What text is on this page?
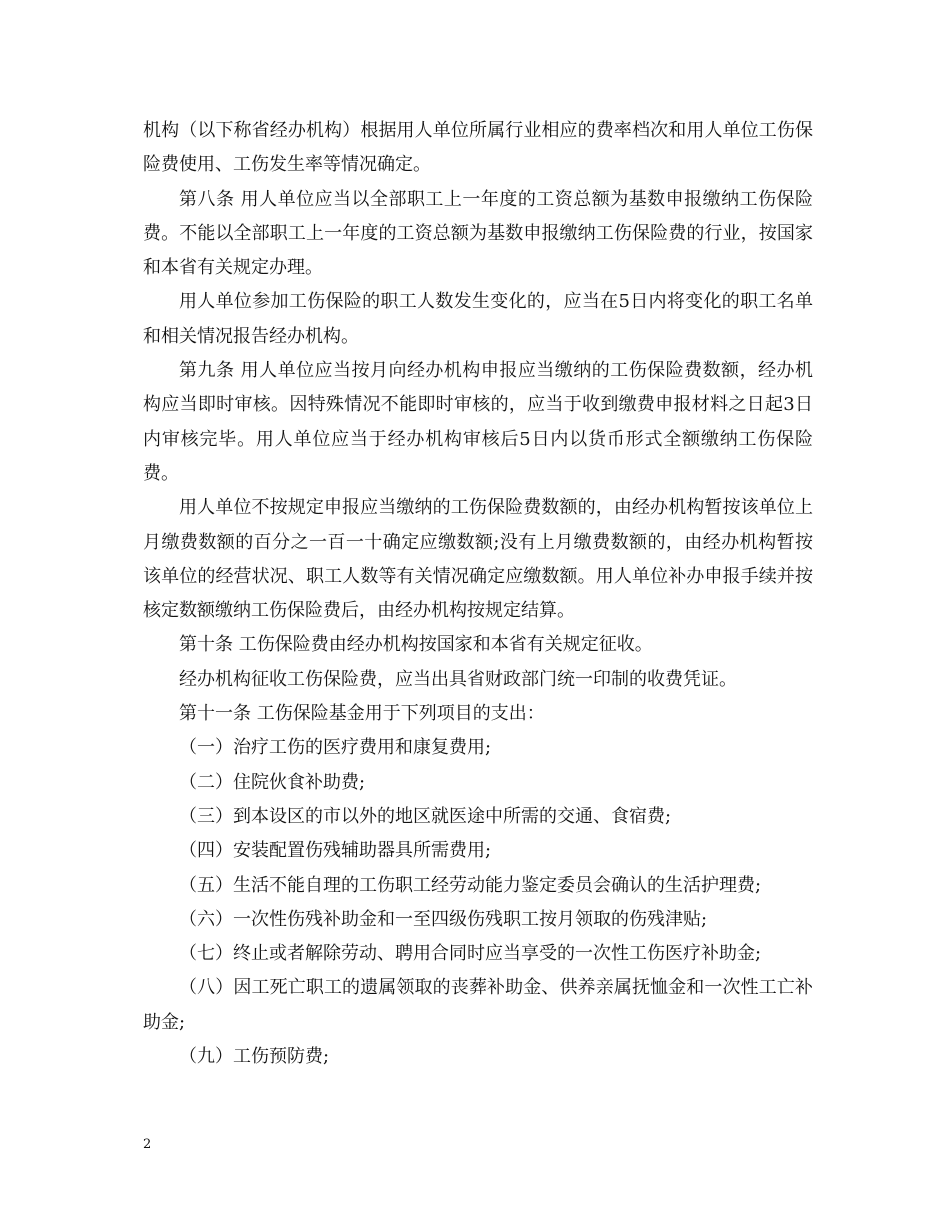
机构（以下称省经办机构）根据用人单位所属行业相应的费率档次和用人单位工伤保险费使用、工伤发生率等情况确定。

第八条 用人单位应当以全部职工上一年度的工资总额为基数申报缴纳工伤保险费。不能以全部职工上一年度的工资总额为基数申报缴纳工伤保险费的行业，按国家和本省有关规定办理。

用人单位参加工伤保险的职工人数发生变化的，应当在5日内将变化的职工名单和相关情况报告经办机构。

第九条 用人单位应当按月向经办机构申报应当缴纳的工伤保险费数额，经办机构应当即时审核。因特殊情况不能即时审核的，应当于收到缴费申报材料之日起3日内审核完毕。用人单位应当于经办机构审核后5日内以货币形式全额缴纳工伤保险费。

用人单位不按规定申报应当缴纳的工伤保险费数额的，由经办机构暂按该单位上月缴费数额的百分之一百一十确定应缴数额;没有上月缴费数额的，由经办机构暂按该单位的经营状况、职工人数等有关情况确定应缴数额。用人单位补办申报手续并按核定数额缴纳工伤保险费后，由经办机构按规定结算。

第十条 工伤保险费由经办机构按国家和本省有关规定征收。

经办机构征收工伤保险费，应当出具省财政部门统一印制的收费凭证。

第十一条 工伤保险基金用于下列项目的支出：

（一）治疗工伤的医疗费用和康复费用;

（二）住院伙食补助费;

（三）到本设区的市以外的地区就医途中所需的交通、食宿费;

（四）安装配置伤残辅助器具所需费用;

（五）生活不能自理的工伤职工经劳动能力鉴定委员会确认的生活护理费;

（六）一次性伤残补助金和一至四级伤残职工按月领取的伤残津贴;

（七）终止或者解除劳动、聘用合同时应当享受的一次性工伤医疗补助金;

（八）因工死亡职工的遗属领取的丧葬补助金、供养亲属抚恤金和一次性工亡补助金;

（九）工伤预防费;

2
